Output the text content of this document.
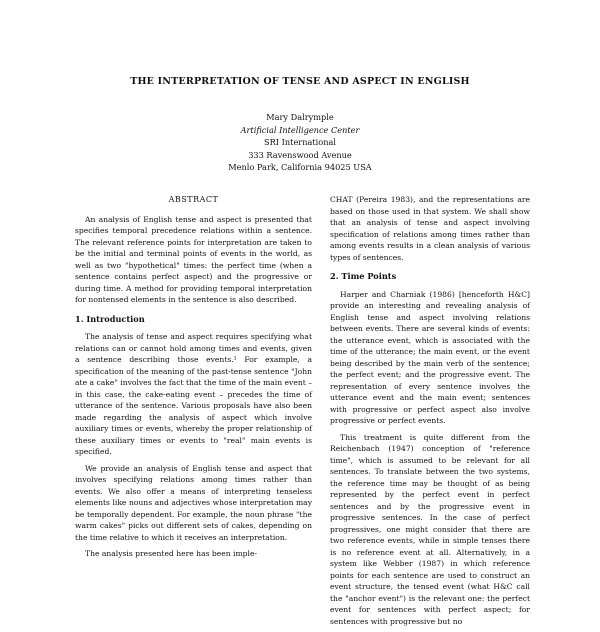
THE INTERPRETATION OF TENSE AND ASPECT IN ENGLISH
Mary Dalrymple
Artificial Intelligence Center
SRI International
333 Ravenswood Avenue
Menlo Park, California 94025 USA
ABSTRACT

An analysis of English tense and aspect is presented that specifies temporal precedence relations within a sentence. The relevant reference points for interpretation are taken to be the initial and terminal points of events in the world, as well as two "hypothetical" times: the perfect time (when a sentence contains perfect aspect) and the progressive or during time. A method for providing temporal interpretation for nontensed elements in the sentence is also described.

1. Introduction

The analysis of tense and aspect requires specifying what relations can or cannot hold among times and events, given a sentence describing those events.¹ For example, a specification of the meaning of the past-tense sentence "John ate a cake" involves the fact that the time of the main event – in this case, the cake-eating event – precedes the time of utterance of the sentence. Various proposals have also been made regarding the analysis of aspect which involve auxiliary times or events, whereby the proper relationship of these auxiliary times or events to "real" main events is specified.

We provide an analysis of English tense and aspect that involves specifying relations among times rather than events. We also offer a means of interpreting tenseless elements like nouns and adjectives whose interpretation may be temporally dependent. For example, the noun phrase "the warm cakes" picks out different sets of cakes, depending on the time relative to which it receives an interpretation.

The analysis presented here has been imple-

CHAT (Pereira 1983), and the representations are based on those used in that system. We shall show that an analysis of tense and aspect involving specification of relations among times rather than among events results in a clean analysis of various types of sentences.

2. Time Points

Harper and Charniak (1986) [henceforth H&C] provide an interesting and revealing analysis of English tense and aspect involving relations between events. There are several kinds of events: the utterance event, which is associated with the time of the utterance; the main event, or the event being described by the main verb of the sentence; the perfect event; and the progressive event. The representation of every sentence involves the utterance event and the main event; sentences with progressive or perfect aspect also involve progressive or perfect events.

This treatment is quite different from the Reichenbach (1947) conception of "reference time", which is assumed to be relevant for all sentences. To translate between the two systems, the reference time may be thought of as being represented by the perfect event in perfect sentences and by the progressive event in progressive sentences. In the case of perfect progressives, one might consider that there are two reference events, while in simple tenses there is no reference event at all. Alternatively, in a system like Webber (1987) in which reference points for each sentence are used to construct an event structure, the tensed event (what H&C call the "anchor event") is the relevant one: the perfect event for sentences with perfect aspect; for sentences with progressive but no
